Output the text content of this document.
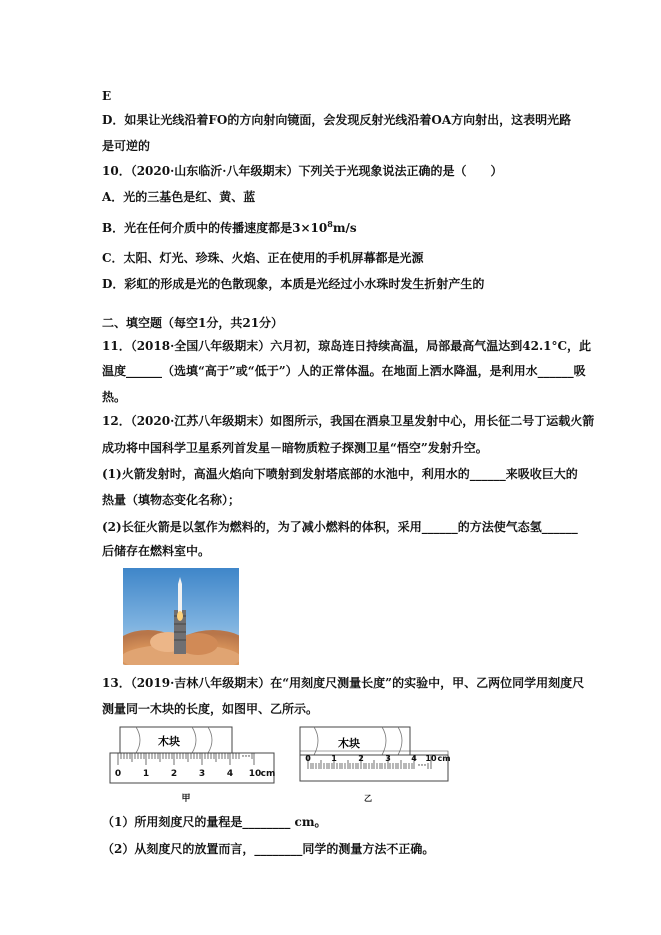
E
D．如果让光线沿着FO的方向射向镜面，会发现反射光线沿着OA方向射出，这表明光路
是可逆的
10．（2020·山东临沂·八年级期末）下列关于光现象说法正确的是（　　）
A．光的三基色是红、黄、蓝
B．光在任何介质中的传播速度都是$3\times 10^8m/s$
C．太阳、灯光、珍珠、火焰、正在使用的手机屏幕都是光源
D．彩虹的形成是光的色散现象，本质是光经过小水珠时发生折射产生的
二、填空题（每空1分，共21分）
11．（2018·全国八年级期末）六月初，琼岛连日持续高温，局部最高气温达到42.1°C，此
温度______（选填“高于”或“低于”）人的正常体温。在地面上洒水降温，是利用水______吸
热。
12．（2020·江苏八年级期末）如图所示，我国在酒泉卫星发射中心，用长征二号丁运载火箭
成功将中国科学卫星系列首发星－暗物质粒子探测卫星“悟空”发射升空。
(1)火箭发射时，高温火焰向下喷射到发射塔底部的水池中，利用水的______来吸收巨大的
热量（填物态变化名称）；
(2)长征火箭是以氢作为燃料的，为了减小燃料的体积，采用______的方法使气态氢______
后储存在燃料室中。
13．（2019·吉林八年级期末）在“用刻度尺测量长度”的实验中，甲、乙两位同学用刻度尺
测量同一木块的长度，如图甲、乙所示。
木块
0 1 2 3 4 10 cm
甲
木块
0	1	2	3	4 10 cm
乙
（1）所用刻度尺的量程是________ cm。
（2）从刻度尺的放置而言，________同学的测量方法不正确。
